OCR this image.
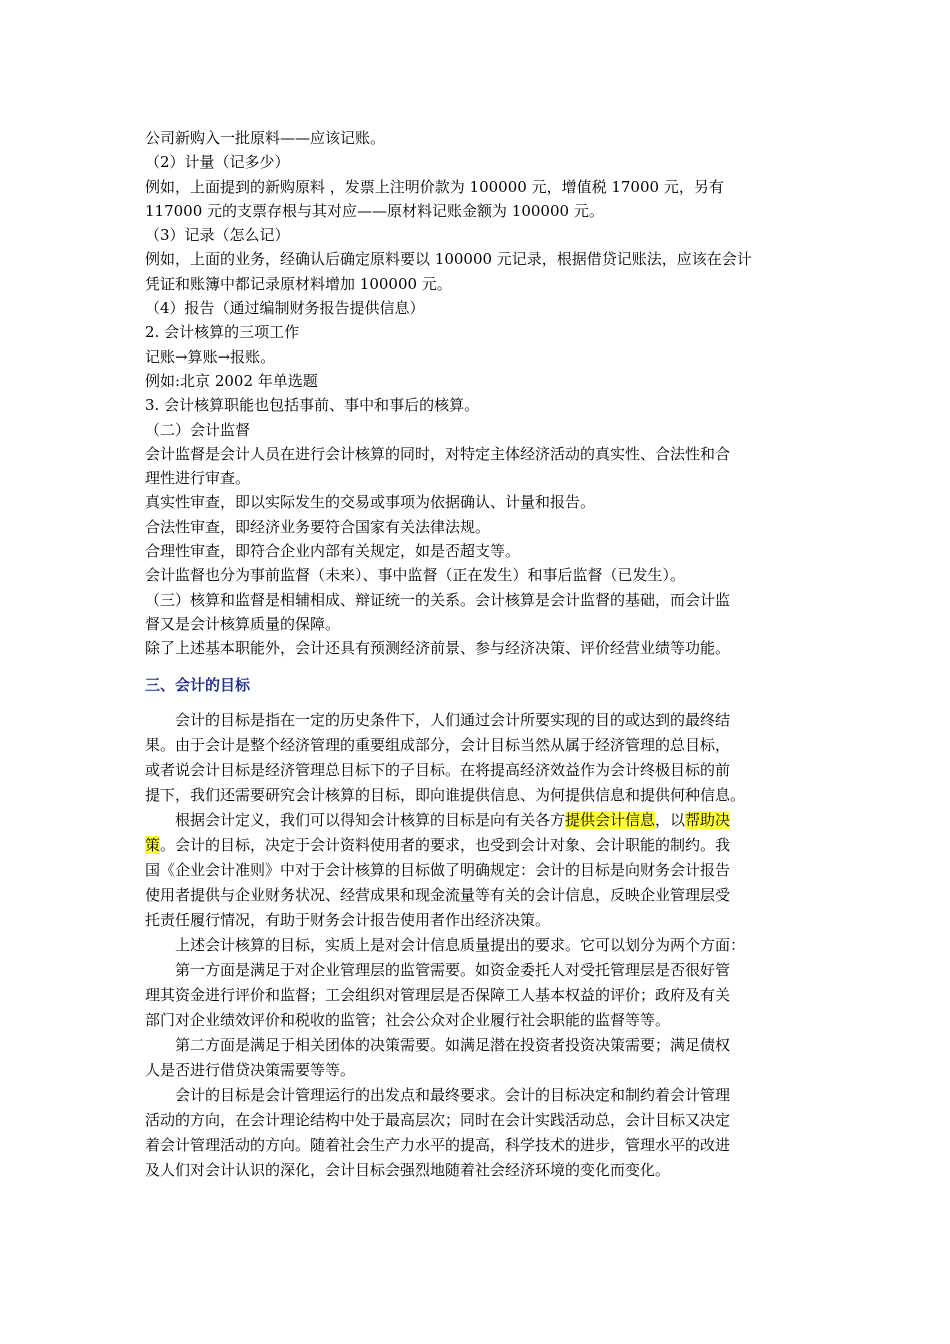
公司新购入一批原料——应该记账。
（2）计量（记多少）
例如，上面提到的新购原料 ，发票上注明价款为 100000 元，增值税 17000 元，另有
117000 元的支票存根与其对应——原材料记账金额为 100000 元。
（3）记录（怎么记）
例如，上面的业务，经确认后确定原料要以 100000 元记录，根据借贷记账法，应该在会计
凭证和账簿中都记录原材料增加 100000 元。
（4）报告（通过编制财务报告提供信息）
2. 会计核算的三项工作
记账→算账→报账。
例如:北京 2002 年单选题
3. 会计核算职能也包括事前、事中和事后的核算。
（二）会计监督
会计监督是会计人员在进行会计核算的同时，对特定主体经济活动的真实性、合法性和合
理性进行审查。
真实性审查，即以实际发生的交易或事项为依据确认、计量和报告。
合法性审查，即经济业务要符合国家有关法律法规。
合理性审查，即符合企业内部有关规定，如是否超支等。
会计监督也分为事前监督（未来）、事中监督（正在发生）和事后监督（已发生）。
（三）核算和监督是相辅相成、辩证统一的关系。会计核算是会计监督的基础，而会计监
督又是会计核算质量的保障。
除了上述基本职能外，会计还具有预测经济前景、参与经济决策、评价经营业绩等功能。
三、会计的目标
会计的目标是指在一定的历史条件下，人们通过会计所要实现的目的或达到的最终结
果。由于会计是整个经济管理的重要组成部分，会计目标当然从属于经济管理的总目标，
或者说会计目标是经济管理总目标下的子目标。在将提高经济效益作为会计终极目标的前
提下，我们还需要研究会计核算的目标，即向谁提供信息、为何提供信息和提供何种信息。
根据会计定义，我们可以得知会计核算的目标是向有关各方提供会计信息，以帮助决
策。会计的目标，决定于会计资料使用者的要求，也受到会计对象、会计职能的制约。我
国《企业会计准则》中对于会计核算的目标做了明确规定：会计的目标是向财务会计报告
使用者提供与企业财务状况、经营成果和现金流量等有关的会计信息，反映企业管理层受
托责任履行情况，有助于财务会计报告使用者作出经济决策。
上述会计核算的目标，实质上是对会计信息质量提出的要求。它可以划分为两个方面：
第一方面是满足于对企业管理层的监管需要。如资金委托人对受托管理层是否很好管
理其资金进行评价和监督；工会组织对管理层是否保障工人基本权益的评价；政府及有关
部门对企业绩效评价和税收的监管；社会公众对企业履行社会职能的监督等等。
第二方面是满足于相关团体的决策需要。如满足潜在投资者投资决策需要；满足债权
人是否进行借贷决策需要等等。
会计的目标是会计管理运行的出发点和最终要求。会计的目标决定和制约着会计管理
活动的方向，在会计理论结构中处于最高层次；同时在会计实践活动总，会计目标又决定
着会计管理活动的方向。随着社会生产力水平的提高，科学技术的进步，管理水平的改进
及人们对会计认识的深化，会计目标会强烈地随着社会经济环境的变化而变化。
